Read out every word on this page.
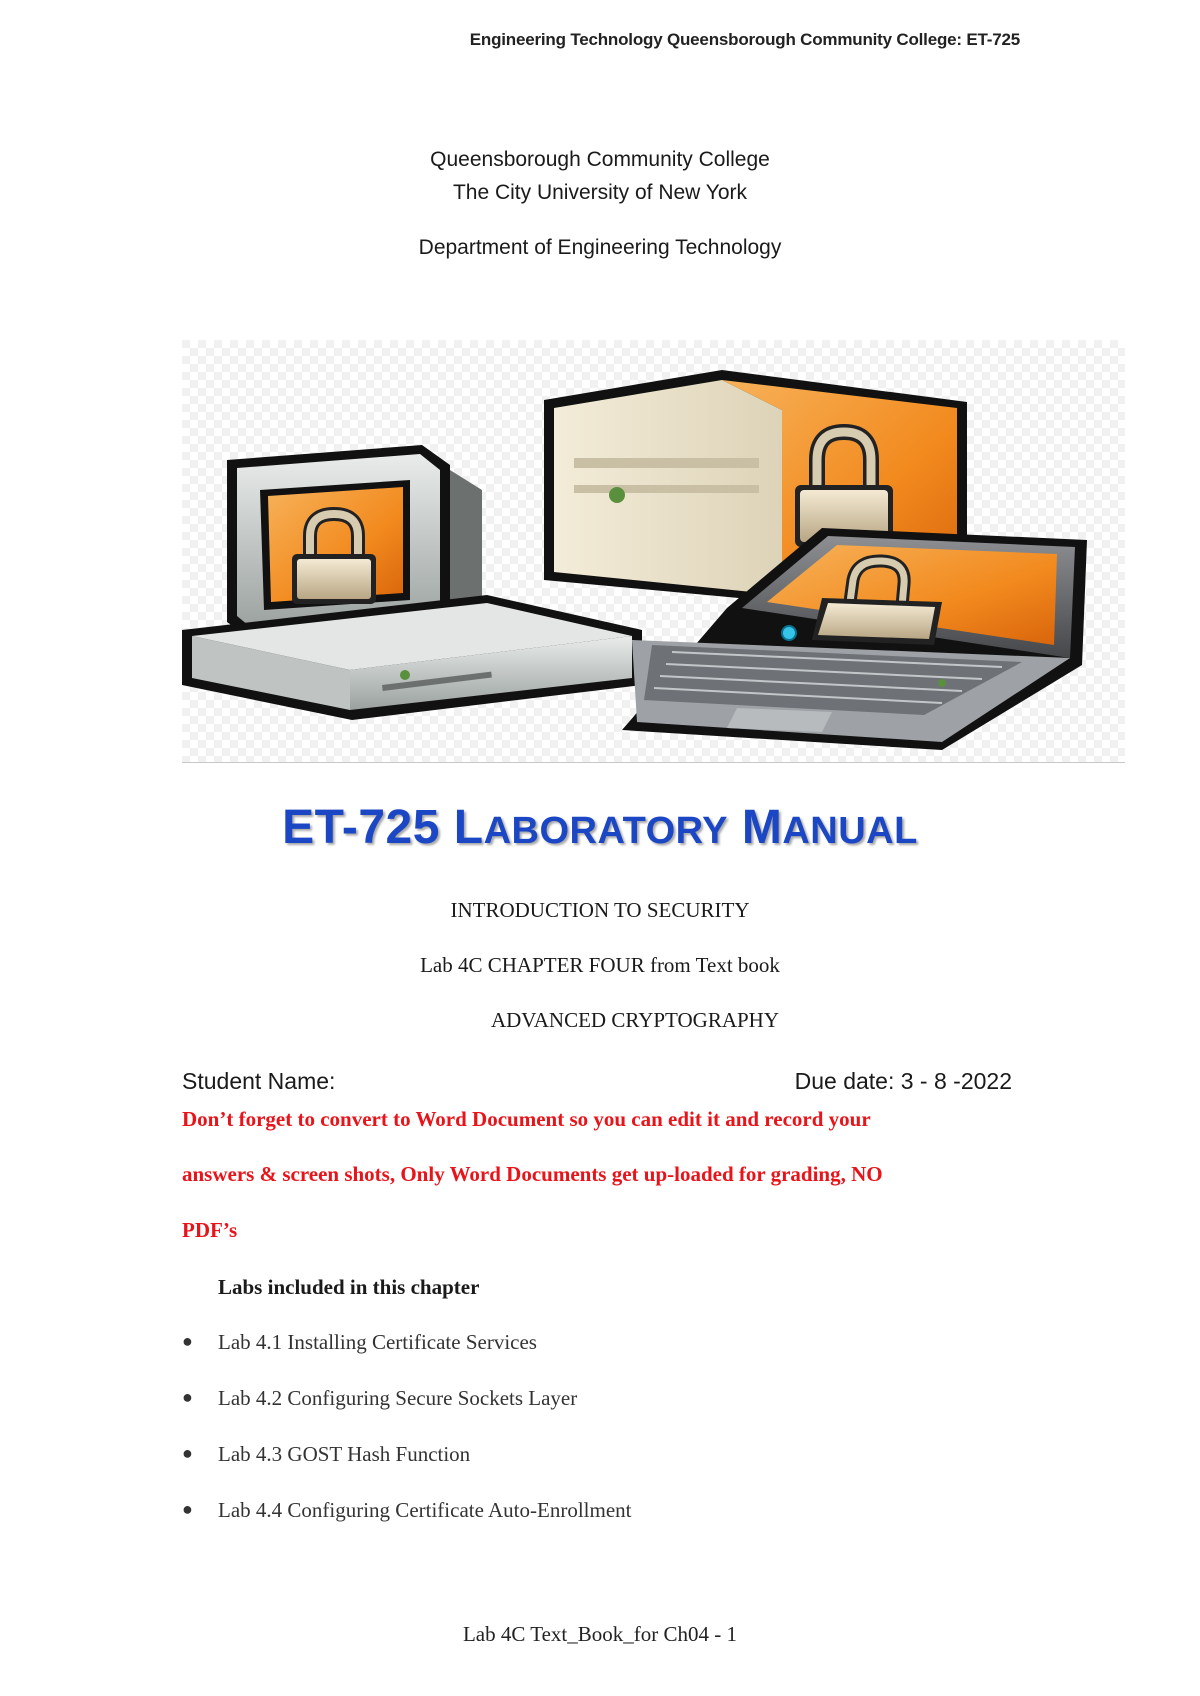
Engineering Technology Queensborough Community College: ET-725
Queensborough Community College
The City University of New York
Department of Engineering Technology
ET-725 LABORATORY MANUAL
INTRODUCTION TO SECURITY
Lab 4C CHAPTER FOUR from Text book
ADVANCED CRYPTOGRAPHY
Student Name:	Due date: 3 - 8 -2022
Don’t forget to convert to Word Document so you can edit it and record your
answers & screen shots, Only Word Documents get up-loaded for grading, NO
PDF’s
Labs included in this chapter
● Lab 4.1 Installing Certificate Services
● Lab 4.2 Configuring Secure Sockets Layer
● Lab 4.3 GOST Hash Function
● Lab 4.4 Configuring Certificate Auto-Enrollment
Lab 4C Text_Book_for Ch04 - 1
